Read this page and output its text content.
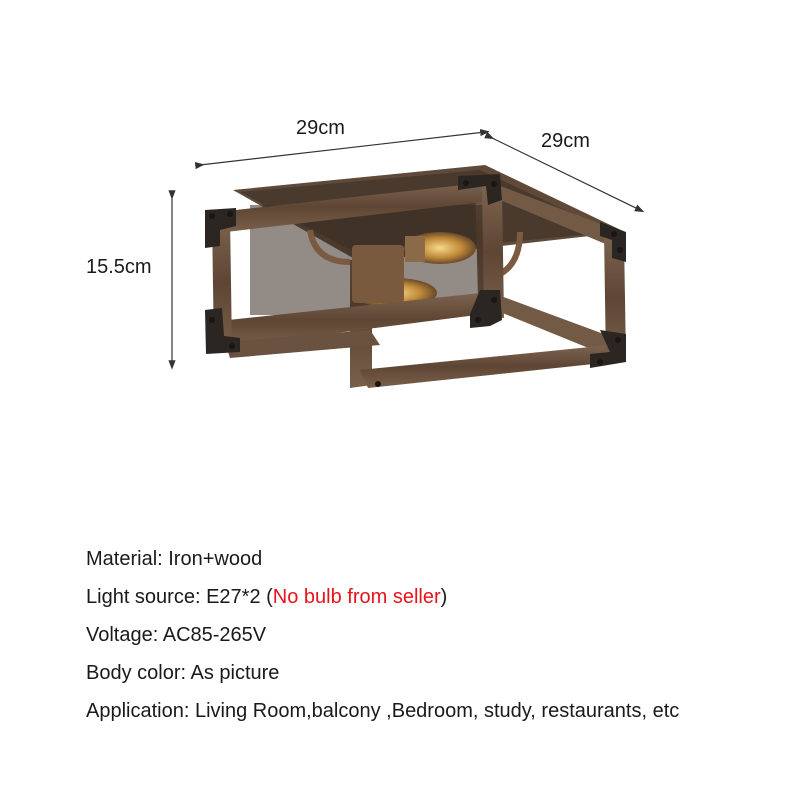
29cm
29cm
15.5cm
Material: Iron+wood
Light source: E27*2 (No bulb from seller)
Voltage: AC85-265V
Body color: As picture
Application: Living Room,balcony ,Bedroom, study, restaurants, etc
